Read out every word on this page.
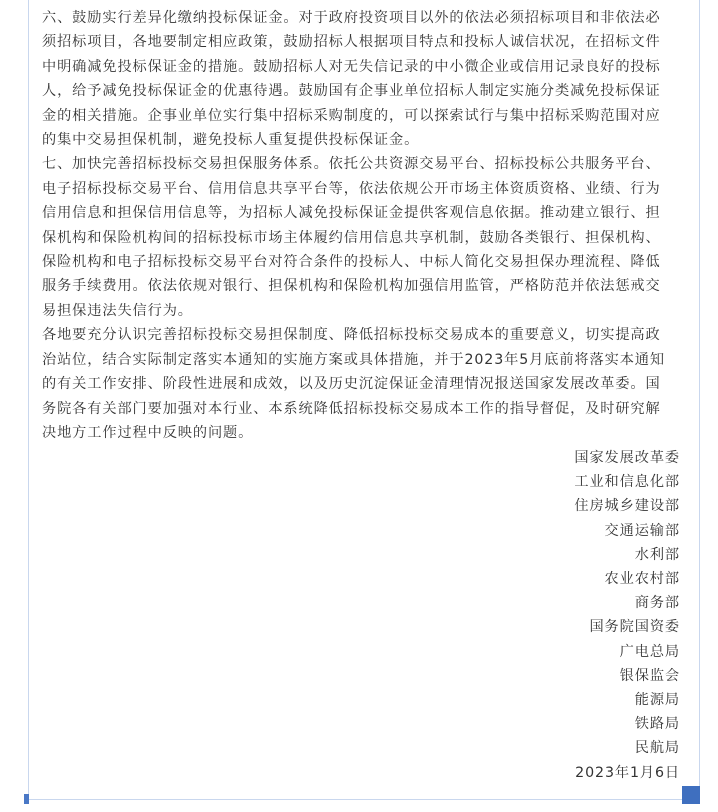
六、鼓励实行差异化缴纳投标保证金。对于政府投资项目以外的依法必须招标项目和非依法必
须招标项目，各地要制定相应政策，鼓励招标人根据项目特点和投标人诚信状况，在招标文件
中明确减免投标保证金的措施。鼓励招标人对无失信记录的中小微企业或信用记录良好的投标
人，给予减免投标保证金的优惠待遇。鼓励国有企事业单位招标人制定实施分类减免投标保证
金的相关措施。企事业单位实行集中招标采购制度的，可以探索试行与集中招标采购范围对应
的集中交易担保机制，避免投标人重复提供投标保证金。

七、加快完善招标投标交易担保服务体系。依托公共资源交易平台、招标投标公共服务平台、
电子招标投标交易平台、信用信息共享平台等，依法依规公开市场主体资质资格、业绩、行为
信用信息和担保信用信息等，为招标人减免投标保证金提供客观信息依据。推动建立银行、担
保机构和保险机构间的招标投标市场主体履约信用信息共享机制，鼓励各类银行、担保机构、
保险机构和电子招标投标交易平台对符合条件的投标人、中标人简化交易担保办理流程、降低
服务手续费用。依法依规对银行、担保机构和保险机构加强信用监管，严格防范并依法惩戒交
易担保违法失信行为。

各地要充分认识完善招标投标交易担保制度、降低招标投标交易成本的重要意义，切实提高政
治站位，结合实际制定落实本通知的实施方案或具体措施，并于2023年5月底前将落实本通知
的有关工作安排、阶段性进展和成效，以及历史沉淀保证金清理情况报送国家发展改革委。国
务院各有关部门要加强对本行业、本系统降低招标投标交易成本工作的指导督促，及时研究解
决地方工作过程中反映的问题。

国家发展改革委
工业和信息化部
住房城乡建设部
交通运输部
水利部
农业农村部
商务部
国务院国资委
广电总局
银保监会
能源局
铁路局
民航局
2023年1月6日
